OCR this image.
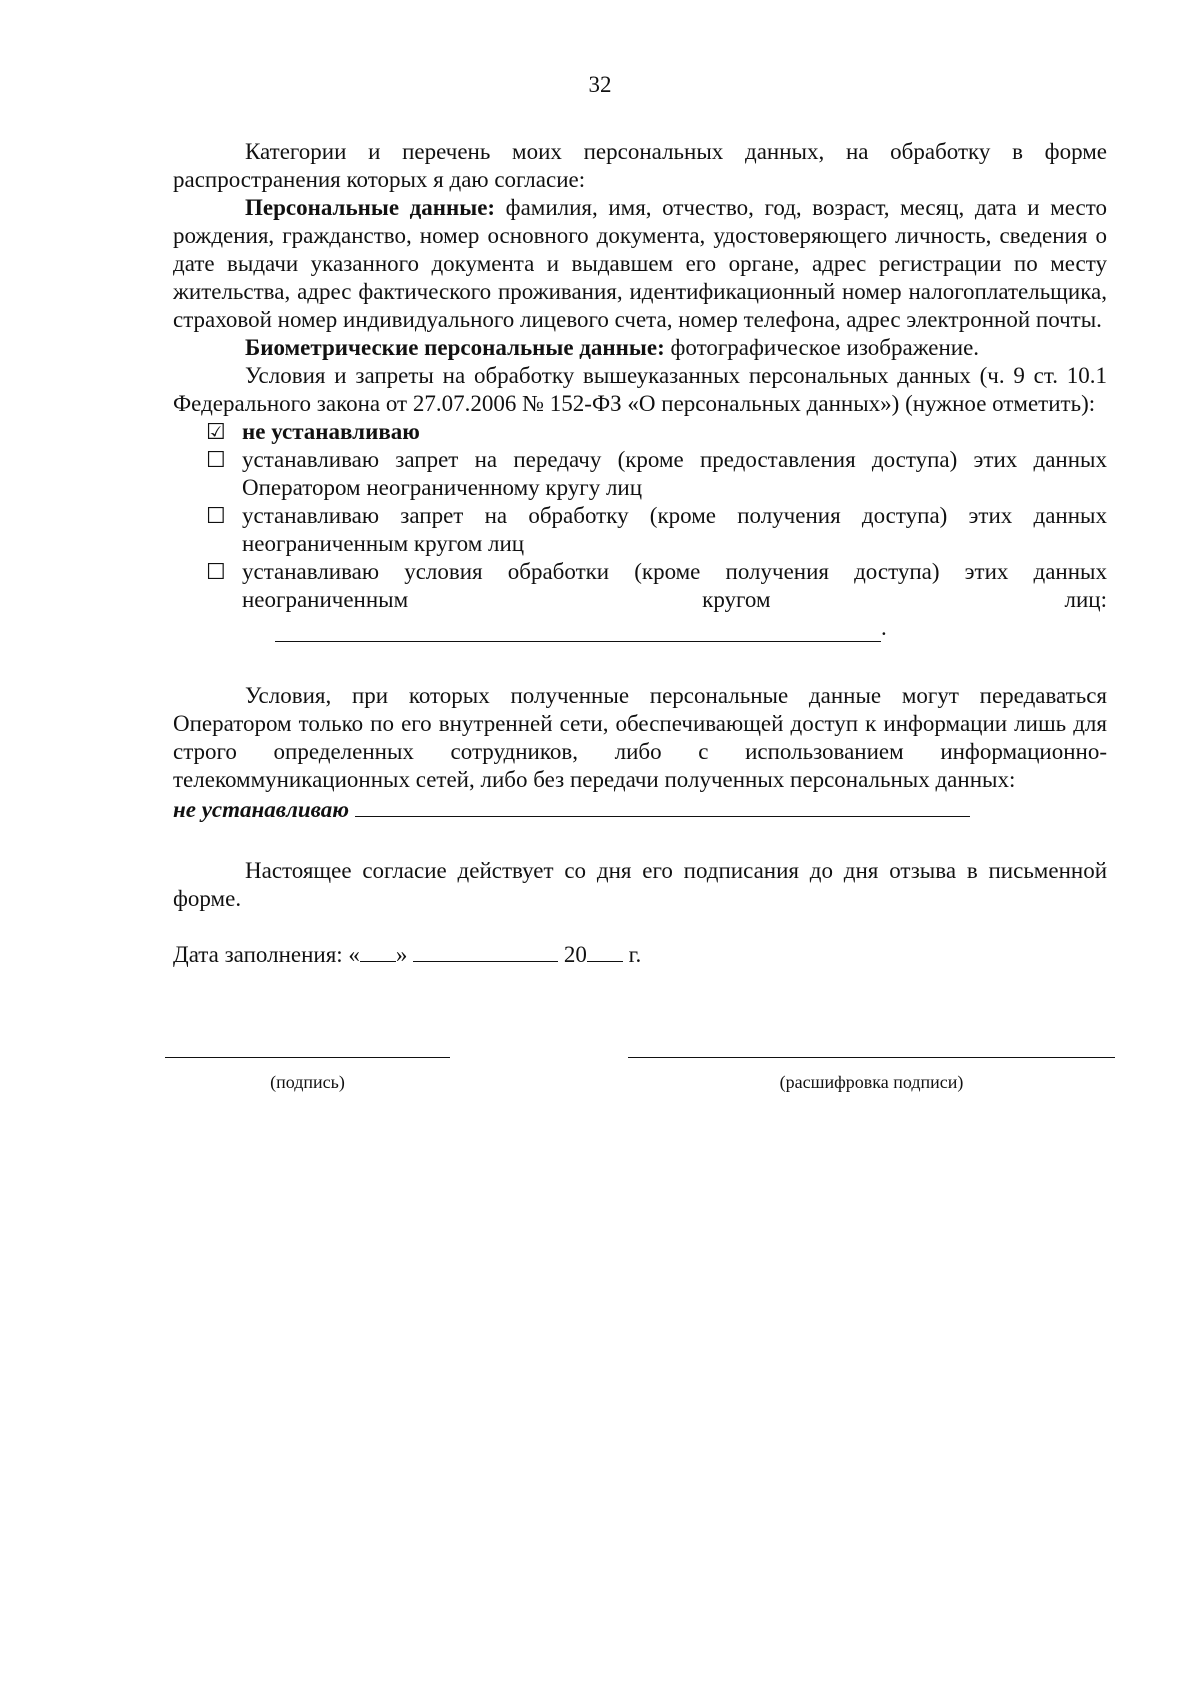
32

Категории и перечень моих персональных данных, на обработку в форме распространения которых я даю согласие:

Персональные данные: фамилия, имя, отчество, год, возраст, месяц, дата и место рождения, гражданство, номер основного документа, удостоверяющего личность, сведения о дате выдачи указанного документа и выдавшем его органе, адрес регистрации по месту жительства, адрес фактического проживания, идентификационный номер налогоплательщика, страховой номер индивидуального лицевого счета, номер телефона, адрес электронной почты.

Биометрические персональные данные: фотографическое изображение.

Условия и запреты на обработку вышеуказанных персональных данных (ч. 9 ст. 10.1 Федерального закона от 27.07.2006 № 152-ФЗ «О персональных данных») (нужное отметить):

☑ не устанавливаю
☐ устанавливаю запрет на передачу (кроме предоставления доступа) этих данных Оператором неограниченному кругу лиц
☐ устанавливаю запрет на обработку (кроме получения доступа) этих данных неограниченным кругом лиц
☐ устанавливаю условия обработки (кроме получения доступа) этих данных неограниченным кругом лиц:
.

Условия, при которых полученные персональные данные могут передаваться Оператором только по его внутренней сети, обеспечивающей доступ к информации лишь для строго определенных сотрудников, либо с использованием информационно-телекоммуникационных сетей, либо без передачи полученных персональных данных:

не устанавливаю

Настоящее согласие действует со дня его подписания до дня отзыва в письменной форме.

Дата заполнения: « »	20 г.

(подпись)	(расшифровка подписи)
